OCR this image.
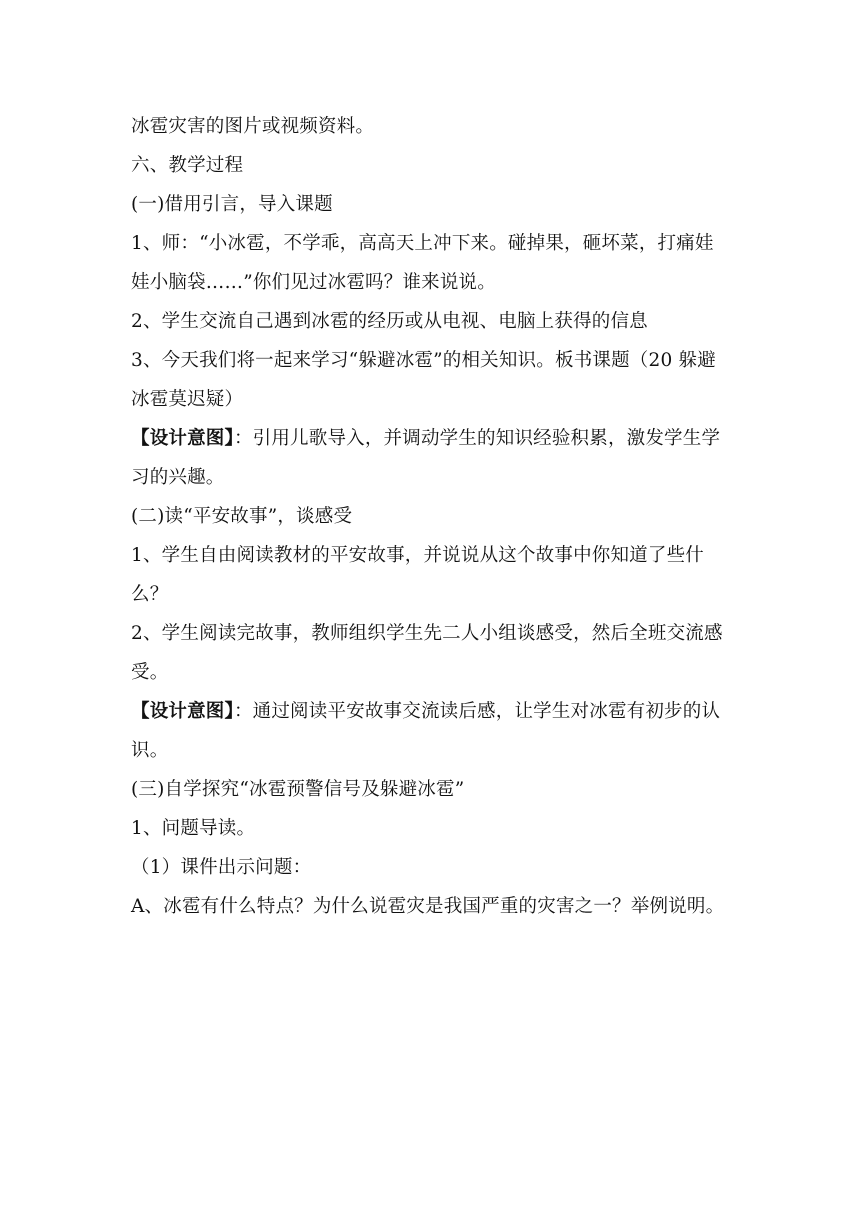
冰雹灾害的图片或视频资料。

六、教学过程

(一)借用引言，导入课题

1、师：“小冰雹，不学乖，高高天上冲下来。碰掉果，砸坏菜，打痛娃娃小脑袋……”你们见过冰雹吗？谁来说说。

2、学生交流自己遇到冰雹的经历或从电视、电脑上获得的信息

3、今天我们将一起来学习“躲避冰雹”的相关知识。板书课题（20 躲避冰雹莫迟疑）

【设计意图】：引用儿歌导入，并调动学生的知识经验积累，激发学生学习的兴趣。

(二)读“平安故事”，谈感受

1、学生自由阅读教材的平安故事，并说说从这个故事中你知道了些什么？

2、学生阅读完故事，教师组织学生先二人小组谈感受，然后全班交流感受。

【设计意图】：通过阅读平安故事交流读后感，让学生对冰雹有初步的认识。

(三)自学探究“冰雹预警信号及躲避冰雹”

1、问题导读。

（1）课件出示问题：

A、冰雹有什么特点？为什么说雹灾是我国严重的灾害之一？举例说明。
